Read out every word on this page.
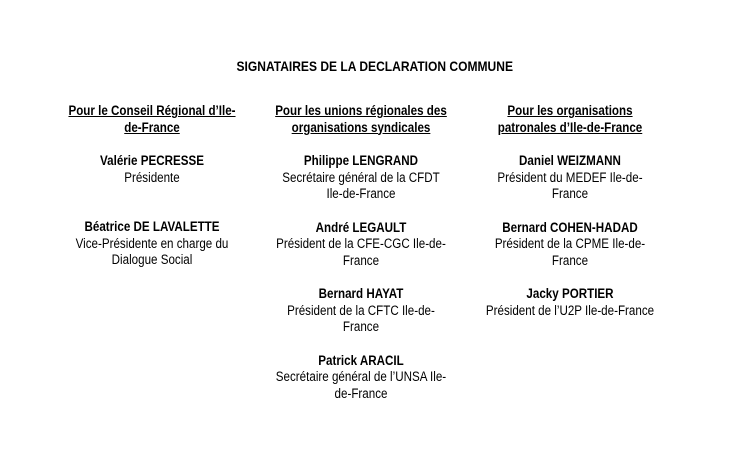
SIGNATAIRES DE LA DECLARATION COMMUNE

Pour le Conseil Régional d’Ile-de-France

Valérie PECRESSE
Présidente
Béatrice DE LAVALETTE
Vice-Présidente en charge du Dialogue Social

Pour les unions régionales des organisations syndicales

Philippe LENGRAND
Secrétaire général de la CFDT Ile-de-France
André LEGAULT
Président de la CFE-CGC Ile-de-France
Bernard HAYAT
Président de la CFTC Ile-de-France
Patrick ARACIL
Secrétaire général de l’UNSA Ile-de-France

Pour les organisations patronales d’Ile-de-France

Daniel WEIZMANN
Président du MEDEF Ile-de-France
Bernard COHEN-HADAD
Président de la CPME Ile-de-France
Jacky PORTIER
Président de l’U2P Ile-de-France
